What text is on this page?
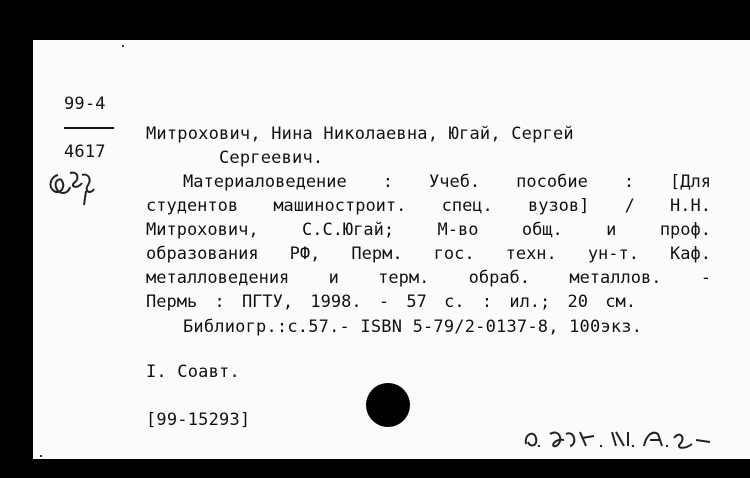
99-4
4617
Митрохович, Нина Николаевна, Югай, Сергей
Сергеевич.
Материаловедение : Учеб. пособие : [Для
студентов машиностроит. спец. вузов] / Н.Н.
Митрохович, С.С.Югай; М-во общ. и проф.
образования РФ, Перм. гос. техн. ун-т. Каф.
металловедения и терм. обраб. металлов. -
Пермь : ПГТУ, 1998. - 57 с. : ил.; 20 см.
Библиогр.:с.57.- ISBN 5-79/2-0137-8, 100экз.
I. Соавт.
[99-15293]
